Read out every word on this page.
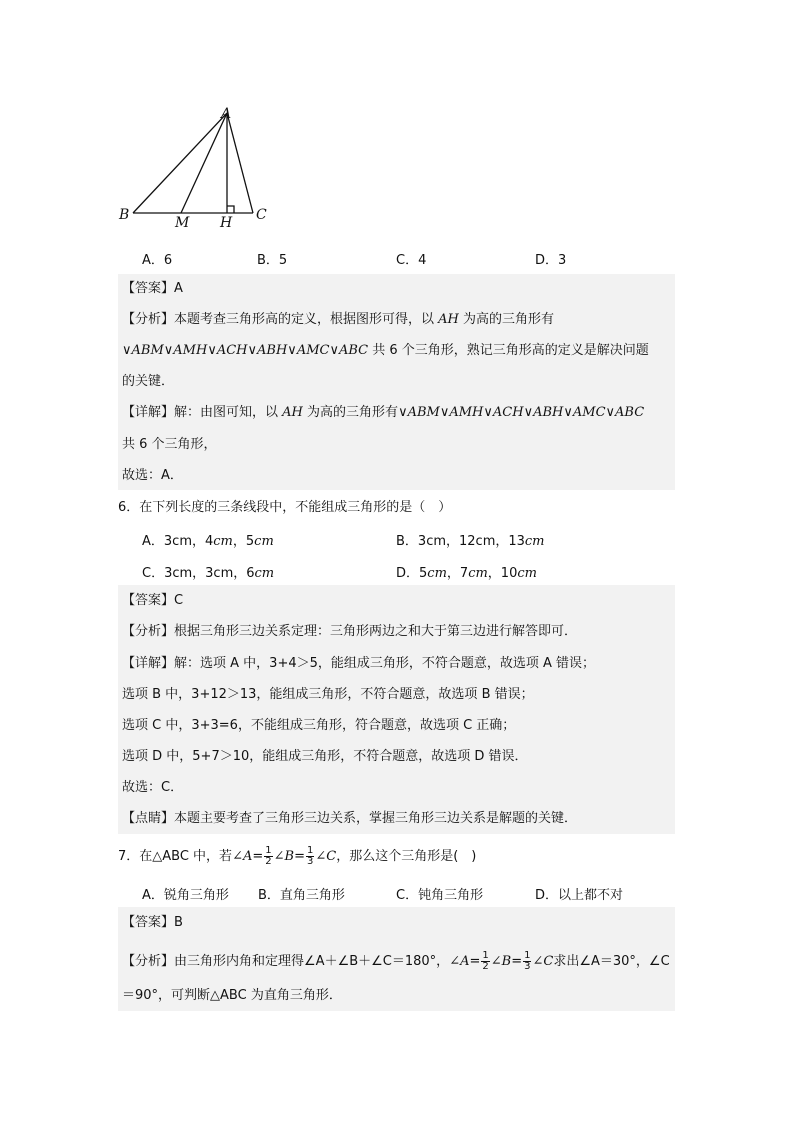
A
B	M H C
A．6	B．5	C．4	D．3
【答案】A
【分析】本题考查三角形高的定义，根据图形可得，以 AH 为高的三角形有
∨ABM∨AMH∨ACH∨ABH∨AMC∨ABC 共 6 个三角形，熟记三角形高的定义是解决问题
的关键．
【详解】解：由图可知，以 AH 为高的三角形有∨ABM∨AMH∨ACH∨ABH∨AMC∨ABC
共 6 个三角形，
故选：A．
6．在下列长度的三条线段中，不能组成三角形的是（　）
A．3cm，4cm，5cm	B．3cm，12cm，13cm
C．3cm，3cm，6cm	D．5cm，7cm，10cm
【答案】C
【分析】根据三角形三边关系定理：三角形两边之和大于第三边进行解答即可．
【详解】解：选项 A 中，3+4＞5，能组成三角形，不符合题意，故选项 A 错误；
选项 B 中，3+12＞13，能组成三角形，不符合题意，故选项 B 错误；
选项 C 中，3+3=6，不能组成三角形，符合题意，故选项 C 正确；
选项 D 中，5+7＞10，能组成三角形，不符合题意，故选项 D 错误．
故选：C．
【点睛】本题主要考查了三角形三边关系，掌握三角形三边关系是解题的关键．
7．在△ABC 中，若∠A= $\frac{1}{2}$ ∠B= $\frac{1}{3}$ ∠C，那么这个三角形是(　)
A．锐角三角形 B．直角三角形	C．钝角三角形	D．以上都不对
【答案】B
【分析】由三角形内角和定理得∠A＋∠B＋∠C＝180°，∠A= $\frac{1}{2}$ ∠B= $\frac{1}{3}$ ∠C求出∠A＝30°，∠C
＝90°，可判断△ABC 为直角三角形．
